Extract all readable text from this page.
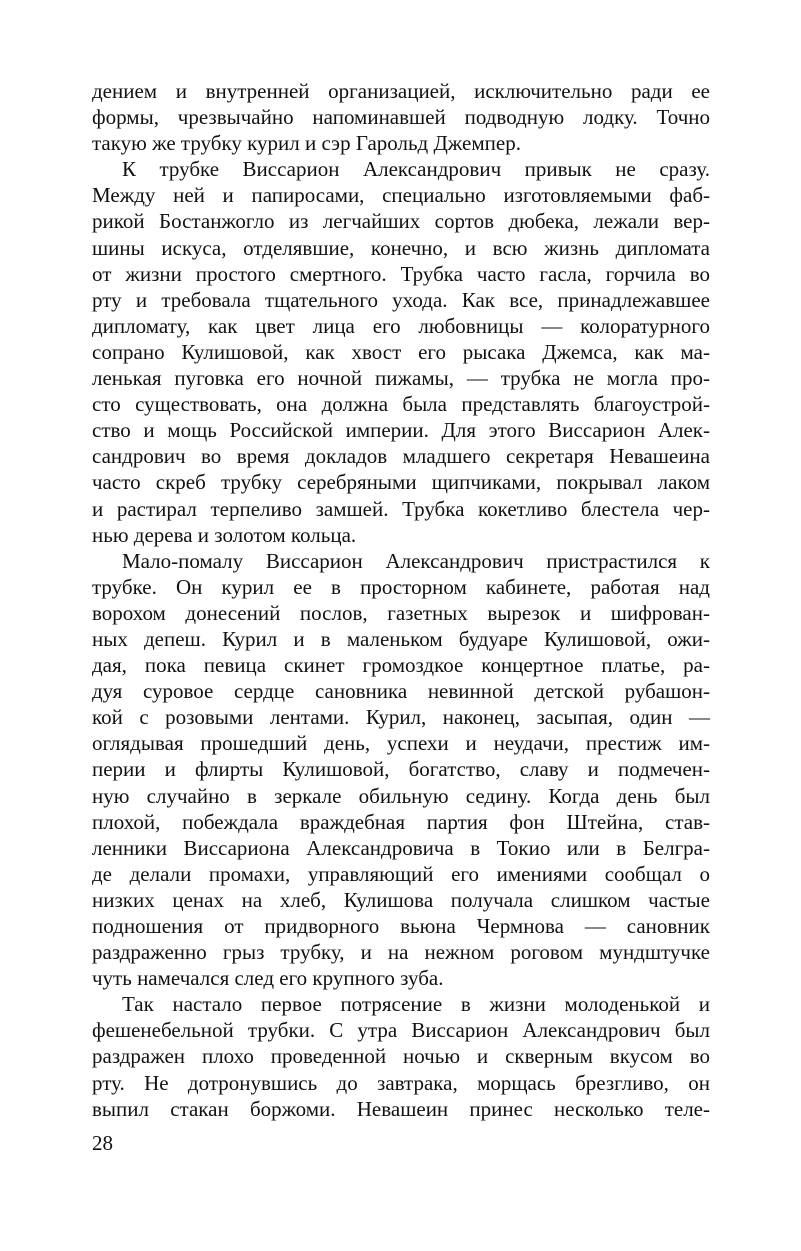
дением и внутренней организацией, исключительно ради ее
формы, чрезвычайно напоминавшей подводную лодку. Точно
такую же трубку курил и сэр Гарольд Джемпер.
К трубке Виссарион Александрович привык не сразу.
Между ней и папиросами, специально изготовляемыми фаб-
рикой Бостанжогло из легчайших сортов дюбека, лежали вер-
шины искуса, отделявшие, конечно, и всю жизнь дипломата
от жизни простого смертного. Трубка часто гасла, горчила во
рту и требовала тщательного ухода. Как все, принадлежавшее
дипломату, как цвет лица его любовницы — колоратурного
сопрано Кулишовой, как хвост его рысака Джемса, как ма-
ленькая пуговка его ночной пижамы, — трубка не могла про-
сто существовать, она должна была представлять благоустрой-
ство и мощь Российской империи. Для этого Виссарион Алек-
сандрович во время докладов младшего секретаря Невашеина
часто скреб трубку серебряными щипчиками, покрывал лаком
и растирал терпеливо замшей. Трубка кокетливо блестела чер-
нью дерева и золотом кольца.
Мало-помалу Виссарион Александрович пристрастился к
трубке. Он курил ее в просторном кабинете, работая над
ворохом донесений послов, газетных вырезок и шифрован-
ных депеш. Курил и в маленьком будуаре Кулишовой, ожи-
дая, пока певица скинет громоздкое концертное платье, ра-
дуя суровое сердце сановника невинной детской рубашон-
кой с розовыми лентами. Курил, наконец, засыпая, один —
оглядывая прошедший день, успехи и неудачи, престиж им-
перии и флирты Кулишовой, богатство, славу и подмечен-
ную случайно в зеркале обильную седину. Когда день был
плохой, побеждала враждебная партия фон Штейна, став-
ленники Виссариона Александровича в Токио или в Белгра-
де делали промахи, управляющий его имениями сообщал о
низких ценах на хлеб, Кулишова получала слишком частые
подношения от придворного вьюна Чермнова — сановник
раздраженно грыз трубку, и на нежном роговом мундштучке
чуть намечался след его крупного зуба.
Так настало первое потрясение в жизни молоденькой и
фешенебельной трубки. С утра Виссарион Александрович был
раздражен плохо проведенной ночью и скверным вкусом во
рту. Не дотронувшись до завтрака, морщась брезгливо, он
выпил стакан боржоми. Невашеин принес несколько теле-
28
